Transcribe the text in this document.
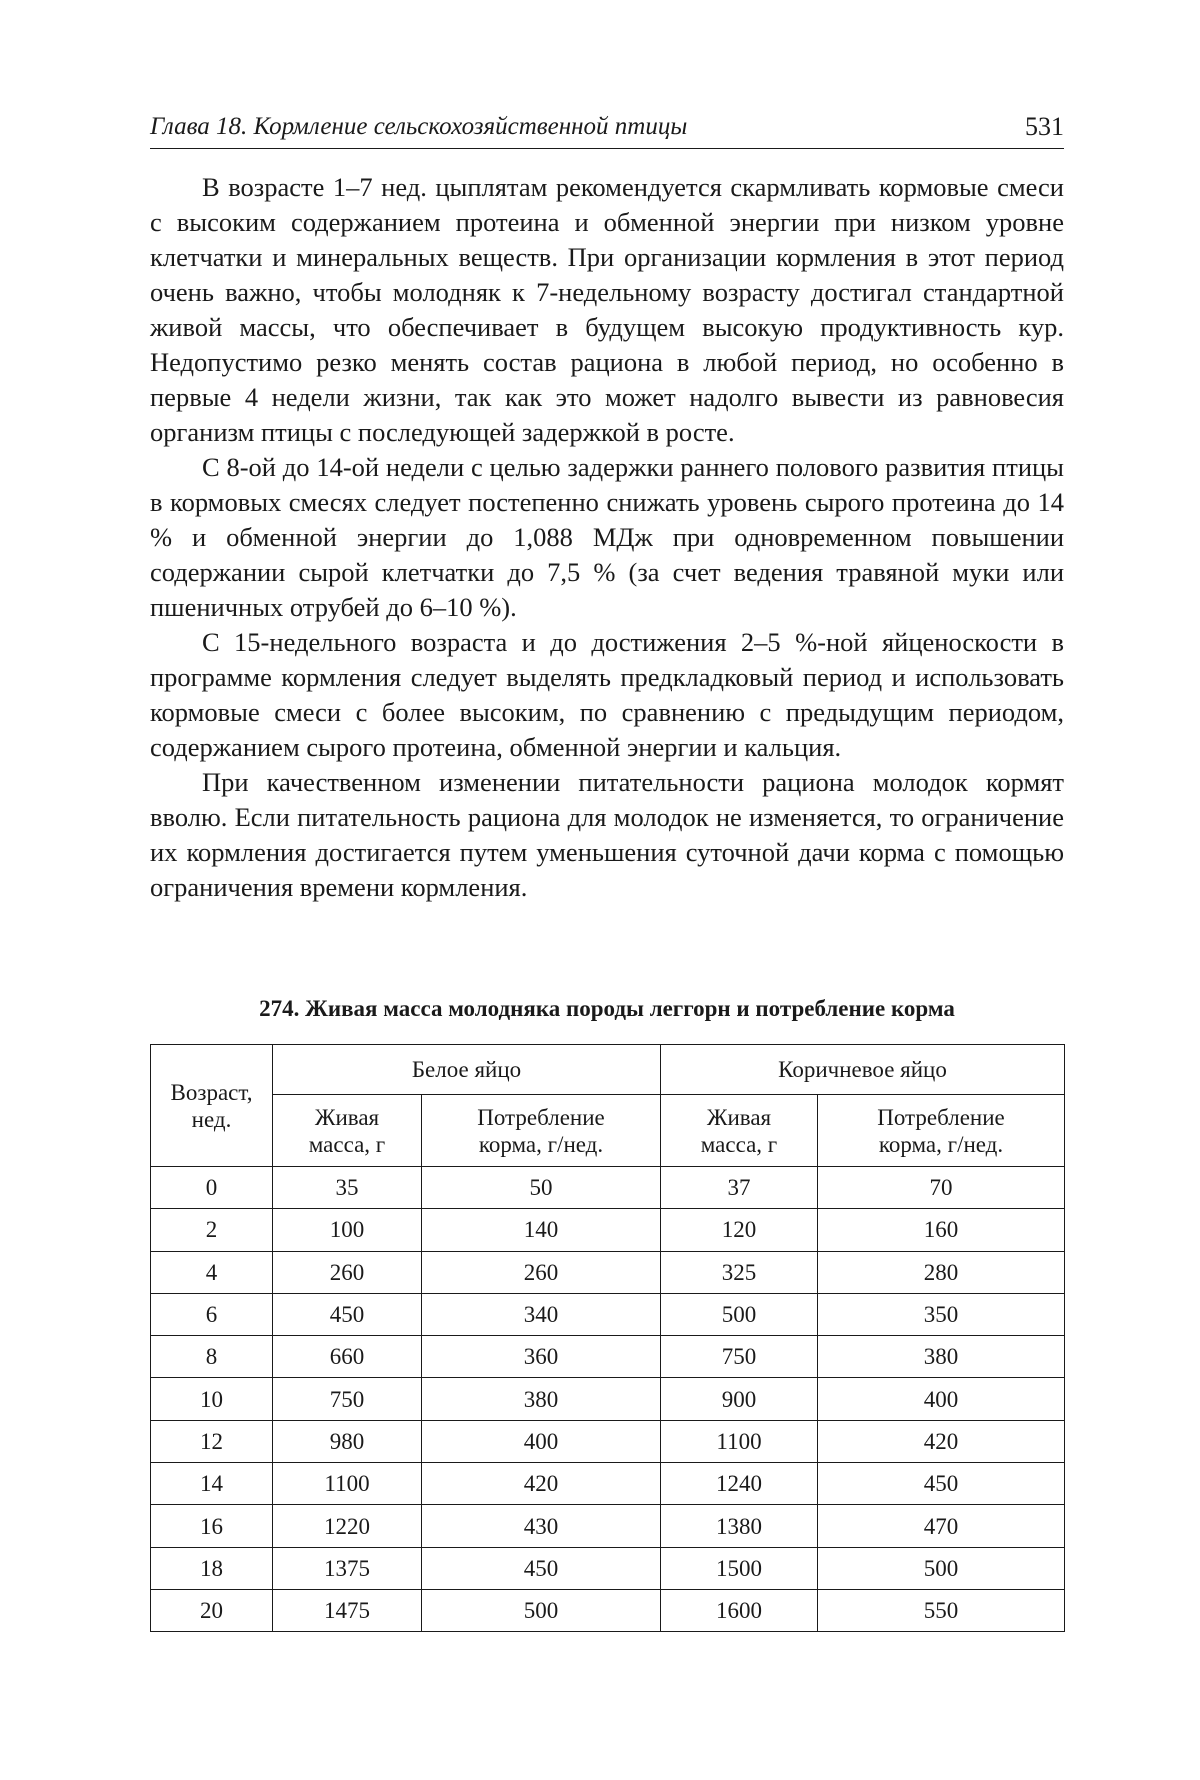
Глава 18. Кормление сельскохозяйственной птицы	531

В возрасте 1–7 нед. цыплятам рекомендуется скармливать кормовые смеси с высоким содержанием протеина и обменной энергии при низком уровне клетчатки и минеральных веществ. При организации кормления в этот период очень важно, чтобы молодняк к 7-недельному возрасту достигал стандартной живой массы, что обеспечивает в будущем высокую продуктивность кур. Недопустимо резко менять состав рациона в любой период, но особенно в первые 4 недели жизни, так как это может надолго вывести из равновесия организм птицы с последующей задержкой в росте.

С 8-ой до 14-ой недели с целью задержки раннего полового развития птицы в кормовых смесях следует постепенно снижать уровень сырого протеина до 14 % и обменной энергии до 1,088 МДж при одновременном повышении содержании сырой клетчатки до 7,5 % (за счет ведения травяной муки или пшеничных отрубей до 6–10 %).

С 15-недельного возраста и до достижения 2–5 %-ной яйценоскости в программе кормления следует выделять предкладковый период и использовать кормовые смеси с более высоким, по сравнению с предыдущим периодом, содержанием сырого протеина, обменной энергии и кальция.

При качественном изменении питательности рациона молодок кормят вволю. Если питательность рациона для молодок не изменяется, то ограничение их кормления достигается путем уменьшения суточной дачи корма с помощью ограничения времени кормления.

274. Живая масса молодняка породы леггорн и потребление корма
Возраст, нед.	Белое яйцо		Коричневое яйцо	
	Живая масса, г	Потребление корма, г/нед.	Живая масса, г	Потребление корма, г/нед.
0	35	50	37	70
2	100	140	120	160
4	260	260	325	280
6	450	340	500	350
8	660	360	750	380
10	750	380	900	400
12	980	400	1100	420
14	1100	420	1240	450
16	1220	430	1380	470
18	1375	450	1500	500
20	1475	500	1600	550
